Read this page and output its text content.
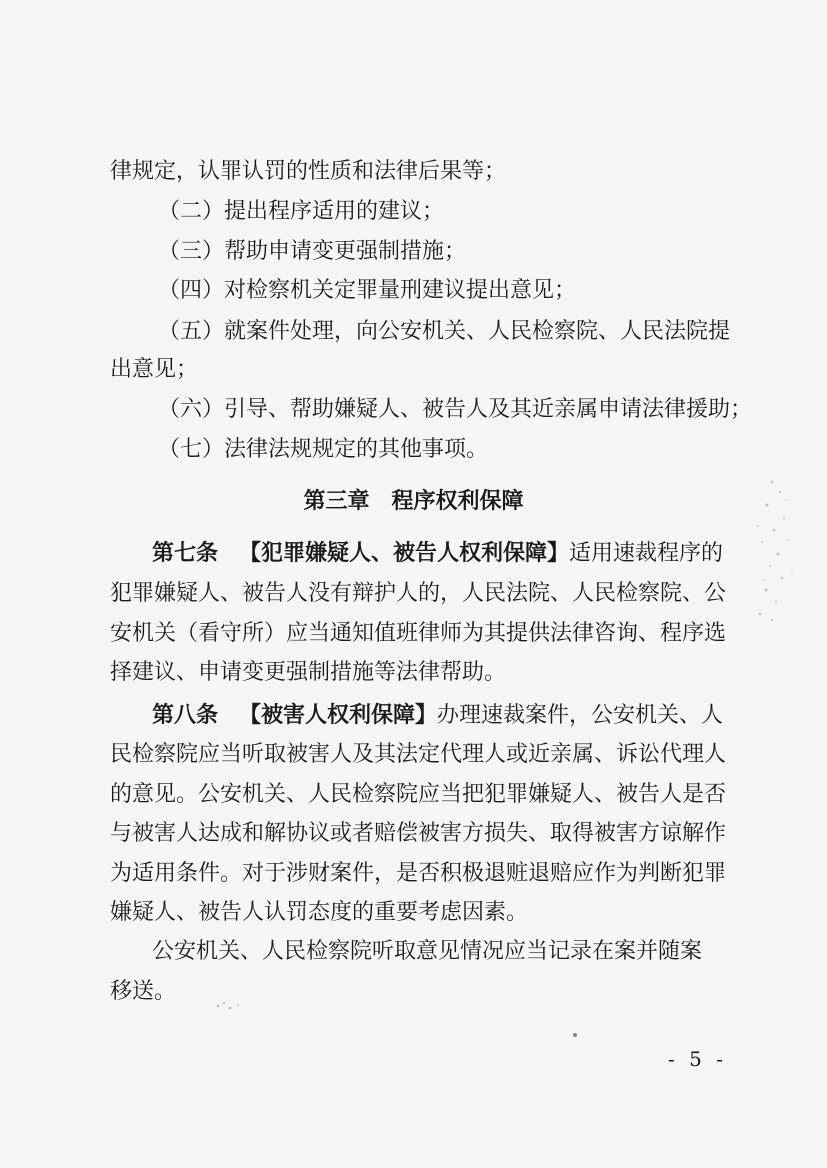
律规定，认罪认罚的性质和法律后果等；

（二）提出程序适用的建议；

（三）帮助申请变更强制措施；

（四）对检察机关定罪量刑建议提出意见；

（五）就案件处理，向公安机关、人民检察院、人民法院提

出意见；

（六）引导、帮助嫌疑人、被告人及其近亲属申请法律援助；

（七）法律法规规定的其他事项。

第三章　程序权利保障

第七条 【犯罪嫌疑人、被告人权利保障】适用速裁程序的

犯罪嫌疑人、被告人没有辩护人的，人民法院、人民检察院、公

安机关（看守所）应当通知值班律师为其提供法律咨询、程序选

择建议、申请变更强制措施等法律帮助。

第八条 【被害人权利保障】办理速裁案件，公安机关、人

民检察院应当听取被害人及其法定代理人或近亲属、诉讼代理人

的意见。公安机关、人民检察院应当把犯罪嫌疑人、被告人是否

与被害人达成和解协议或者赔偿被害方损失、取得被害方谅解作

为适用条件。对于涉财案件，是否积极退赃退赔应作为判断犯罪

嫌疑人、被告人认罚态度的重要考虑因素。

公安机关、人民检察院听取意见情况应当记录在案并随案

移送。

- 5 -
